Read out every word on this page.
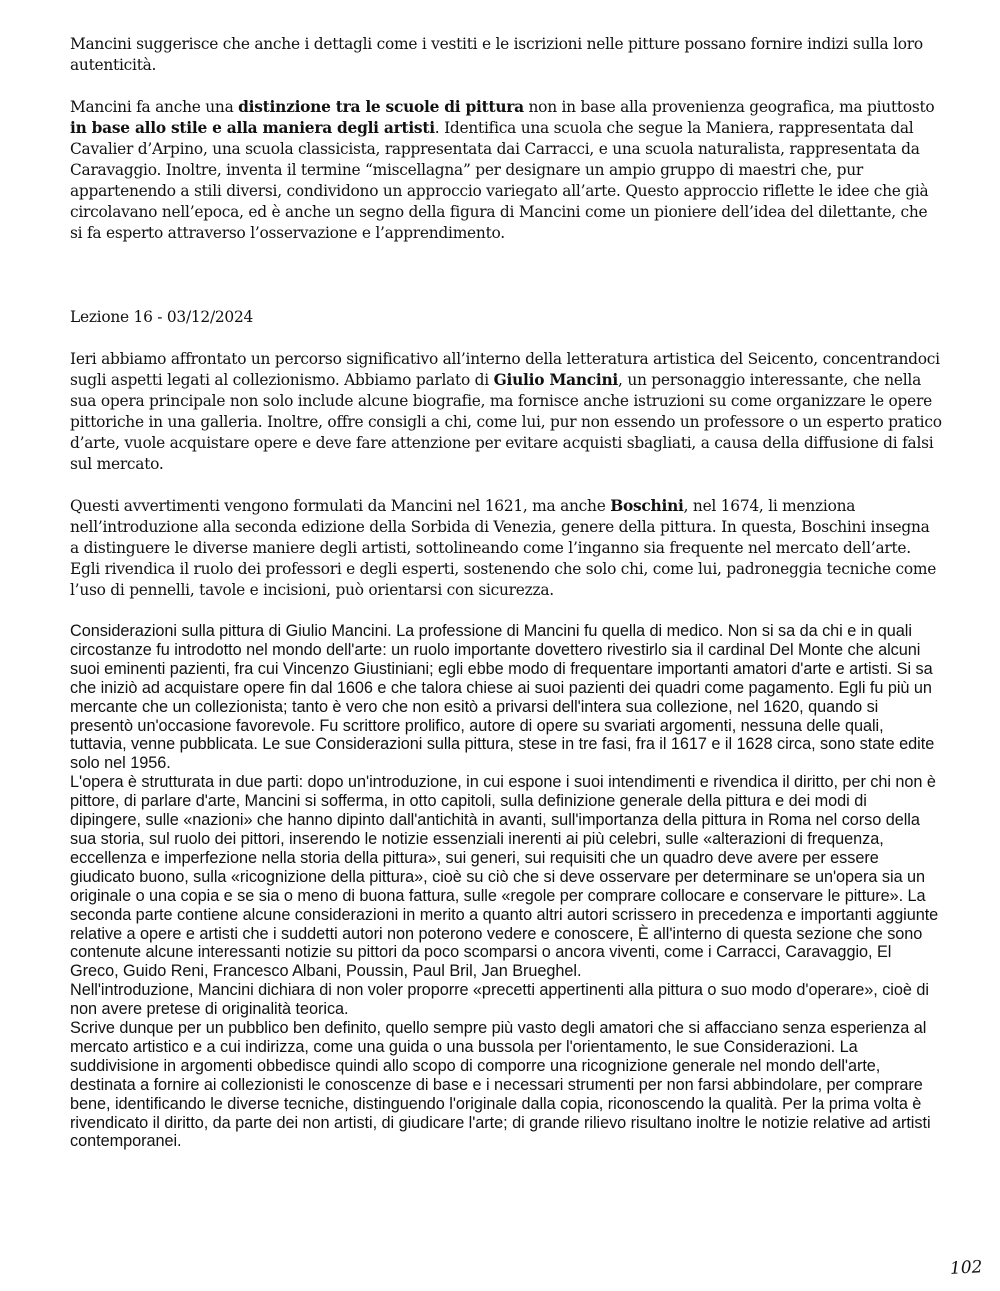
Mancini suggerisce che anche i dettagli come i vestiti e le iscrizioni nelle pitture possano fornire indizi sulla loro autenticità.

Mancini fa anche una distinzione tra le scuole di pittura non in base alla provenienza geografica, ma piuttosto in base allo stile e alla maniera degli artisti. Identifica una scuola che segue la Maniera, rappresentata dal Cavalier d’Arpino, una scuola classicista, rappresentata dai Carracci, e una scuola naturalista, rappresentata da Caravaggio. Inoltre, inventa il termine “miscellagna” per designare un ampio gruppo di maestri che, pur appartenendo a stili diversi, condividono un approccio variegato all’arte. Questo approccio riflette le idee che già circolavano nell’epoca, ed è anche un segno della figura di Mancini come un pioniere dell’idea del dilettante, che si fa esperto attraverso l’osservazione e l’apprendimento.

Lezione 16 - 03/12/2024

Ieri abbiamo affrontato un percorso significativo all’interno della letteratura artistica del Seicento, concentrandoci sugli aspetti legati al collezionismo. Abbiamo parlato di Giulio Mancini, un personaggio interessante, che nella sua opera principale non solo include alcune biografie, ma fornisce anche istruzioni su come organizzare le opere pittoriche in una galleria. Inoltre, offre consigli a chi, come lui, pur non essendo un professore o un esperto pratico d’arte, vuole acquistare opere e deve fare attenzione per evitare acquisti sbagliati, a causa della diffusione di falsi sul mercato.

Questi avvertimenti vengono formulati da Mancini nel 1621, ma anche Boschini, nel 1674, li menziona nell’introduzione alla seconda edizione della Sorbida di Venezia, genere della pittura. In questa, Boschini insegna a distinguere le diverse maniere degli artisti, sottolineando come l’inganno sia frequente nel mercato dell’arte. Egli rivendica il ruolo dei professori e degli esperti, sostenendo che solo chi, come lui, padroneggia tecniche come l’uso di pennelli, tavole e incisioni, può orientarsi con sicurezza.

Considerazioni sulla pittura di Giulio Mancini. La professione di Mancini fu quella di medico. Non si sa da chi e in quali circostanze fu introdotto nel mondo dell'arte: un ruolo importante dovettero rivestirlo sia il cardinal Del Monte che alcuni suoi eminenti pazienti, fra cui Vincenzo Giustiniani; egli ebbe modo di frequentare importanti amatori d'arte e artisti. Si sa che iniziò ad acquistare opere fin dal 1606 e che talora chiese ai suoi pazienti dei quadri come pagamento. Egli fu più un mercante che un collezionista; tanto è vero che non esitò a privarsi dell'intera sua collezione, nel 1620, quando si presentò un'occasione favorevole. Fu scrittore prolifico, autore di opere su svariati argomenti, nessuna delle quali, tuttavia, venne pubblicata. Le sue Considerazioni sulla pittura, stese in tre fasi, fra il 1617 e il 1628 circa, sono state edite solo nel 1956.

L'opera è strutturata in due parti: dopo un'introduzione, in cui espone i suoi intendimenti e rivendica il diritto, per chi non è pittore, di parlare d'arte, Mancini si sofferma, in otto capitoli, sulla definizione generale della pittura e dei modi di dipingere, sulle «nazioni» che hanno dipinto dall'antichità in avanti, sull'importanza della pittura in Roma nel corso della sua storia, sul ruolo dei pittori, inserendo le notizie essenziali inerenti ai più celebri, sulle «alterazioni di frequenza, eccellenza e imperfezione nella storia della pittura», sui generi, sui requisiti che un quadro deve avere per essere giudicato buono, sulla «ricognizione della pittura», cioè su ciò che si deve osservare per determinare se un'opera sia un originale o una copia e se sia o meno di buona fattura, sulle «regole per comprare collocare e conservare le pitture». La seconda parte contiene alcune considerazioni in merito a quanto altri autori scrissero in precedenza e importanti aggiunte relative a opere e artisti che i suddetti autori non poterono vedere e conoscere, È all'interno di questa sezione che sono contenute alcune interessanti notizie su pittori da poco scomparsi o ancora viventi, come i Carracci, Caravaggio, El Greco, Guido Reni, Francesco Albani, Poussin, Paul Bril, Jan Brueghel.

Nell'introduzione, Mancini dichiara di non voler proporre «precetti appertinenti alla pittura o suo modo d'operare», cioè di non avere pretese di originalità teorica.

Scrive dunque per un pubblico ben definito, quello sempre più vasto degli amatori che si affacciano senza esperienza al mercato artistico e a cui indirizza, come una guida o una bussola per l'orientamento, le sue Considerazioni. La suddivisione in argomenti obbedisce quindi allo scopo di comporre una ricognizione generale nel mondo dell'arte, destinata a fornire ai collezionisti le conoscenze di base e i necessari strumenti per non farsi abbindolare, per comprare bene, identificando le diverse tecniche, distinguendo l'originale dalla copia, riconoscendo la qualità. Per la prima volta è rivendicato il diritto, da parte dei non artisti, di giudicare l'arte; di grande rilievo risultano inoltre le notizie relative ad artisti contemporanei.

102
